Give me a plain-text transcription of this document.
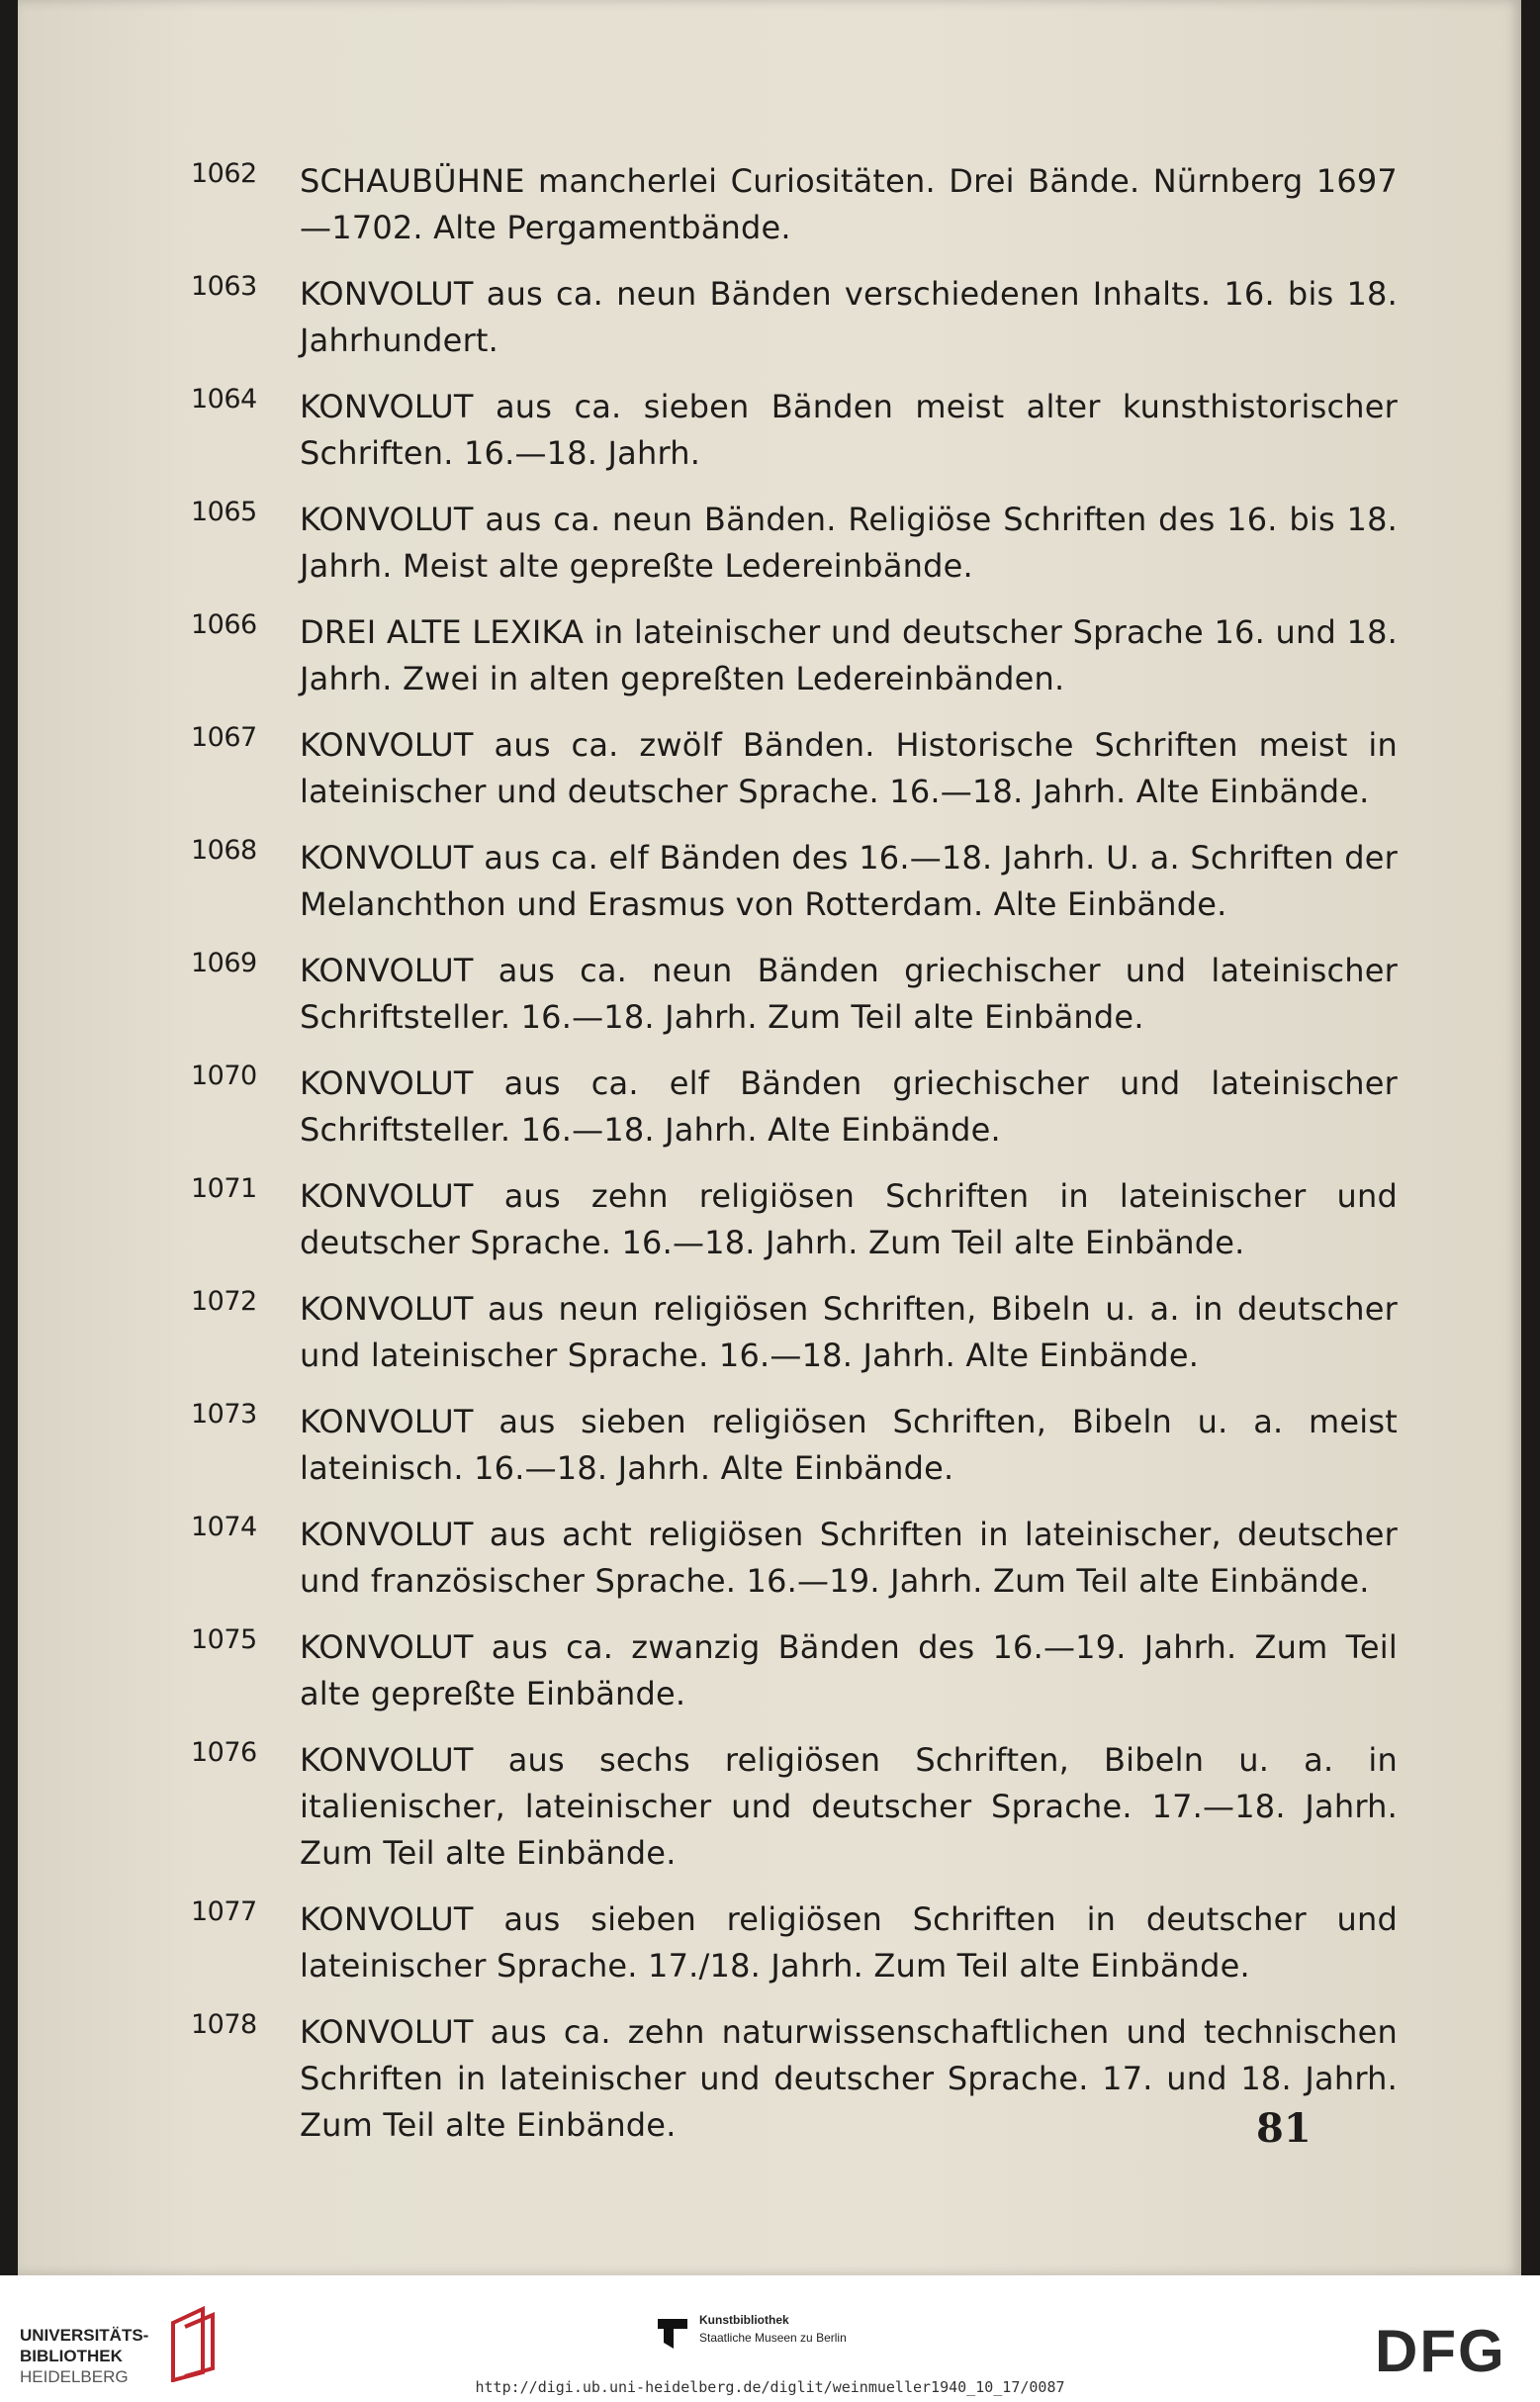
1062 SCHAUBÜHNE mancherlei Curiositäten. Drei Bände. Nürnberg 1697—1702. Alte Pergamentbände.
1063 KONVOLUT aus ca. neun Bänden verschiedenen Inhalts. 16. bis 18. Jahrhundert.
1064 KONVOLUT aus ca. sieben Bänden meist alter kunsthistorischer Schriften. 16.—18. Jahrh.
1065 KONVOLUT aus ca. neun Bänden. Religiöse Schriften des 16. bis 18. Jahrh. Meist alte gepreßte Ledereinbände.
1066 DREI ALTE LEXIKA in lateinischer und deutscher Sprache 16. und 18. Jahrh. Zwei in alten gepreßten Ledereinbänden.
1067 KONVOLUT aus ca. zwölf Bänden. Historische Schriften meist in lateinischer und deutscher Sprache. 16.—18. Jahrh. Alte Einbände.
1068 KONVOLUT aus ca. elf Bänden des 16.—18. Jahrh. U. a. Schriften der Melanchthon und Erasmus von Rotterdam. Alte Einbände.
1069 KONVOLUT aus ca. neun Bänden griechischer und lateinischer Schriftsteller. 16.—18. Jahrh. Zum Teil alte Einbände.
1070 KONVOLUT aus ca. elf Bänden griechischer und lateinischer Schriftsteller. 16.—18. Jahrh. Alte Einbände.
1071 KONVOLUT aus zehn religiösen Schriften in lateinischer und deutscher Sprache. 16.—18. Jahrh. Zum Teil alte Einbände.
1072 KONVOLUT aus neun religiösen Schriften, Bibeln u. a. in deutscher und lateinischer Sprache. 16.—18. Jahrh. Alte Einbände.
1073 KONVOLUT aus sieben religiösen Schriften, Bibeln u. a. meist lateinisch. 16.—18. Jahrh. Alte Einbände.
1074 KONVOLUT aus acht religiösen Schriften in lateinischer, deutscher und französischer Sprache. 16.—19. Jahrh. Zum Teil alte Einbände.
1075 KONVOLUT aus ca. zwanzig Bänden des 16.—19. Jahrh. Zum Teil alte gepreßte Einbände.
1076 KONVOLUT aus sechs religiösen Schriften, Bibeln u. a. in italienischer, lateinischer und deutscher Sprache. 17.—18. Jahrh. Zum Teil alte Einbände.
1077 KONVOLUT aus sieben religiösen Schriften in deutscher und lateinischer Sprache. 17./18. Jahrh. Zum Teil alte Einbände.
1078 KONVOLUT aus ca. zehn naturwissenschaftlichen und technischen Schriften in lateinischer und deutscher Sprache. 17. und 18. Jahrh. Zum Teil alte Einbände.	81
UNIVERSITÄTS-
BIBLIOTHEK
HEIDELBERG
Kunstbibliothek
Staatliche Museen zu Berlin	DFG
http://digi.ub.uni-heidelberg.de/diglit/weinmueller1940_10_17/0087
